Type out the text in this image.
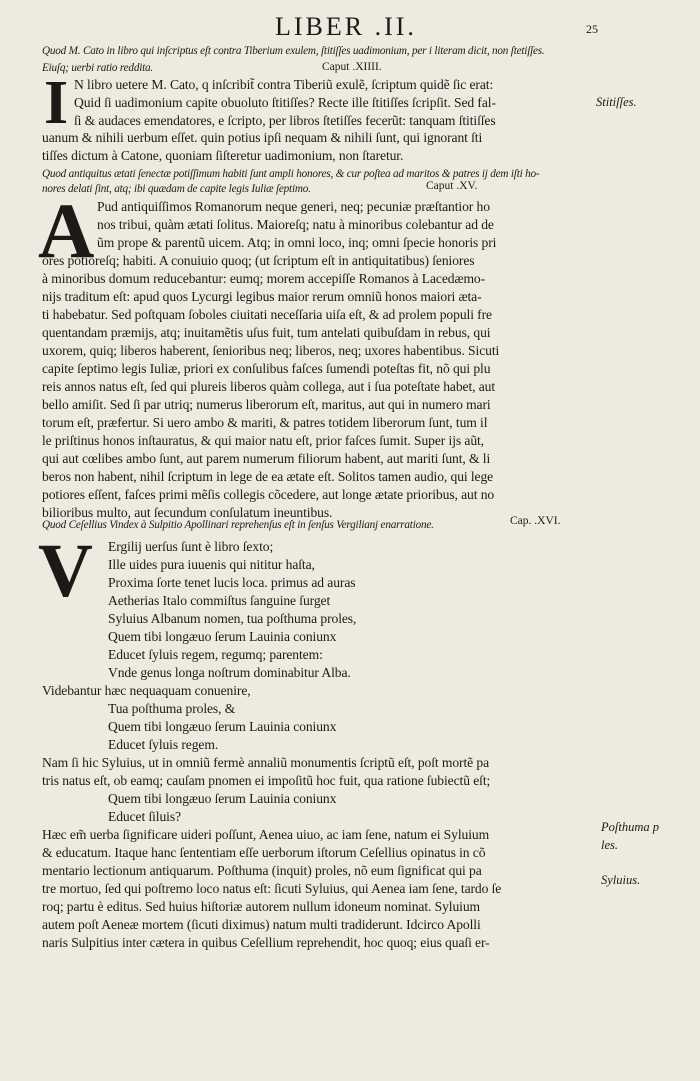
LIBER .II.	25
I
A
V
Caput .XIIII.
Caput .XV.
Cap. .XVI.
Stitiſſes.
Poſthuma p
les.
Syluius.
Quod M. Cato in libro qui inſcriptus eſt contra Tiberium exulem, ſtitiſſes uadimonium, per i literam dicit, non ſtetiſſes.
Eiuſq; uerbi ratio reddita.
N libro uetere M. Cato, q inſcribit̃ contra Tiberiũ exulẽ, ſcriptum quidẽ ſic erat:
Quid ſi uadimonium capite obuoluto ſtitiſſes? Recte ille ſtitiſſes ſcripſit. Sed fal-
ſi & audaces emendatores, e ſcripto, per libros ſtetiſſes fecerũt: tanquam ſtitiſſes
uanum & nihili uerbum eſſet. quin potius ipſi nequam & nihili ſunt, qui ignorant ſti
tiſſes dictum à Catone, quoniam ſiſteretur uadimonium, non ſtaretur.
Quod antiquitus ætati ſenectæ potiſſimum habiti ſunt ampli honores, & cur poſtea ad maritos & patres ij dem iſti ho-
nores delati ſint, atq; ibi quædam de capite legis Iuliæ ſeptimo.
Pud antiquiſſimos Romanorum neque generi, neq; pecuniæ præſtantior ho
nos tribui, quàm ætati ſolitus. Maioreſq; natu à minoribus colebantur ad de
ũm prope & parentũ uicem. Atq; in omni loco, inq; omni ſpecie honoris pri
ores potioreſq; habiti. A conuiuio quoq; (ut ſcriptum eſt in antiquitatibus) ſeniores
à minoribus domum reducebantur: eumq; morem accepiſſe Romanos à Lacedæmo-
nijs traditum eſt: apud quos Lycurgi legibus maior rerum omniũ honos maiori æta-
ti habebatur. Sed poſtquam ſoboles ciuitati neceſſaria uiſa eſt, & ad prolem populi fre
quentandam præmijs, atq; inuitamẽtis uſus fuit, tum antelati quibuſdam in rebus, qui
uxorem, quiq; liberos haberent, ſenioribus neq; liberos, neq; uxores habentibus. Sicuti
capite ſeptimo legis Iuliæ, priori ex conſulibus faſces ſumendi poteſtas fit, nõ qui plu
reis annos natus eſt, ſed qui plureis liberos quàm collega, aut i ſua poteſtate habet, aut
bello amiſit. Sed ſi par utriq; numerus liberorum eſt, maritus, aut qui in numero mari
torum eſt, præfertur. Si uero ambo & mariti, & patres totidem liberorum ſunt, tum il
le priſtinus honos inſtauratus, & qui maior natu eſt, prior faſces ſumit. Super ijs aũt,
qui aut cœlibes ambo ſunt, aut parem numerum filiorum habent, aut mariti ſunt, & li
beros non habent, nihil ſcriptum in lege de ea ætate eſt. Solitos tamen audio, qui lege
potiores eſſent, faſces primi mẽſis collegis cõcedere, aut longe ætate prioribus, aut no
bilioribus multo, aut ſecundum conſulatum ineuntibus.
Quod Ceſellius Vindex à Sulpitio Apollinari reprehenſus eſt in ſenſus Vergilianj enarratione.
Ergilij uerſus ſunt è libro ſexto;
Ille uides pura iuuenis qui nititur haſta,
Proxima ſorte tenet lucis loca. primus ad auras
Aetherias Italo commiſtus ſanguine ſurget
Syluius Albanum nomen, tua poſthuma proles,
Quem tibi longæuo ſerum Lauinia coniunx
Educet ſyluis regem, regumq; parentem:
Vnde genus longa noſtrum dominabitur Alba.
Videbantur hæc nequaquam conuenire,
Tua poſthuma proles, &
Quem tibi longæuo ſerum Lauinia coniunx
Educet ſyluis regem.
Nam ſi hic Syluius, ut in omniũ fermè annaliũ monumentis ſcriptũ eſt, poſt mortẽ pa
tris natus eſt, ob eamq; cauſam pnomen ei impoſitũ hoc fuit, qua ratione ſubiectũ eſt;
Quem tibi longæuo ſerum Lauinia coniunx
Educet ſiluis?
Hæc em̃ uerba ſignificare uideri poſſunt, Aenea uiuo, ac iam ſene, natum ei Syluium
& educatum. Itaque hanc ſententiam eſſe uerborum iſtorum Ceſellius opinatus in cõ
mentario lectionum antiquarum. Poſthuma (inquit) proles, nõ eum ſignificat qui pa
tre mortuo, ſed qui poſtremo loco natus eſt: ſicuti Syluius, qui Aenea iam ſene, tardo ſe
roq; partu è editus. Sed huius hiſtoriæ autorem nullum idoneum nominat. Syluium
autem poſt Aeneæ mortem (ſicuti diximus) natum multi tradiderunt. Idcirco Apolli
naris Sulpitius inter cætera in quibus Ceſellium reprehendit, hoc quoq; eius quaſi er-
